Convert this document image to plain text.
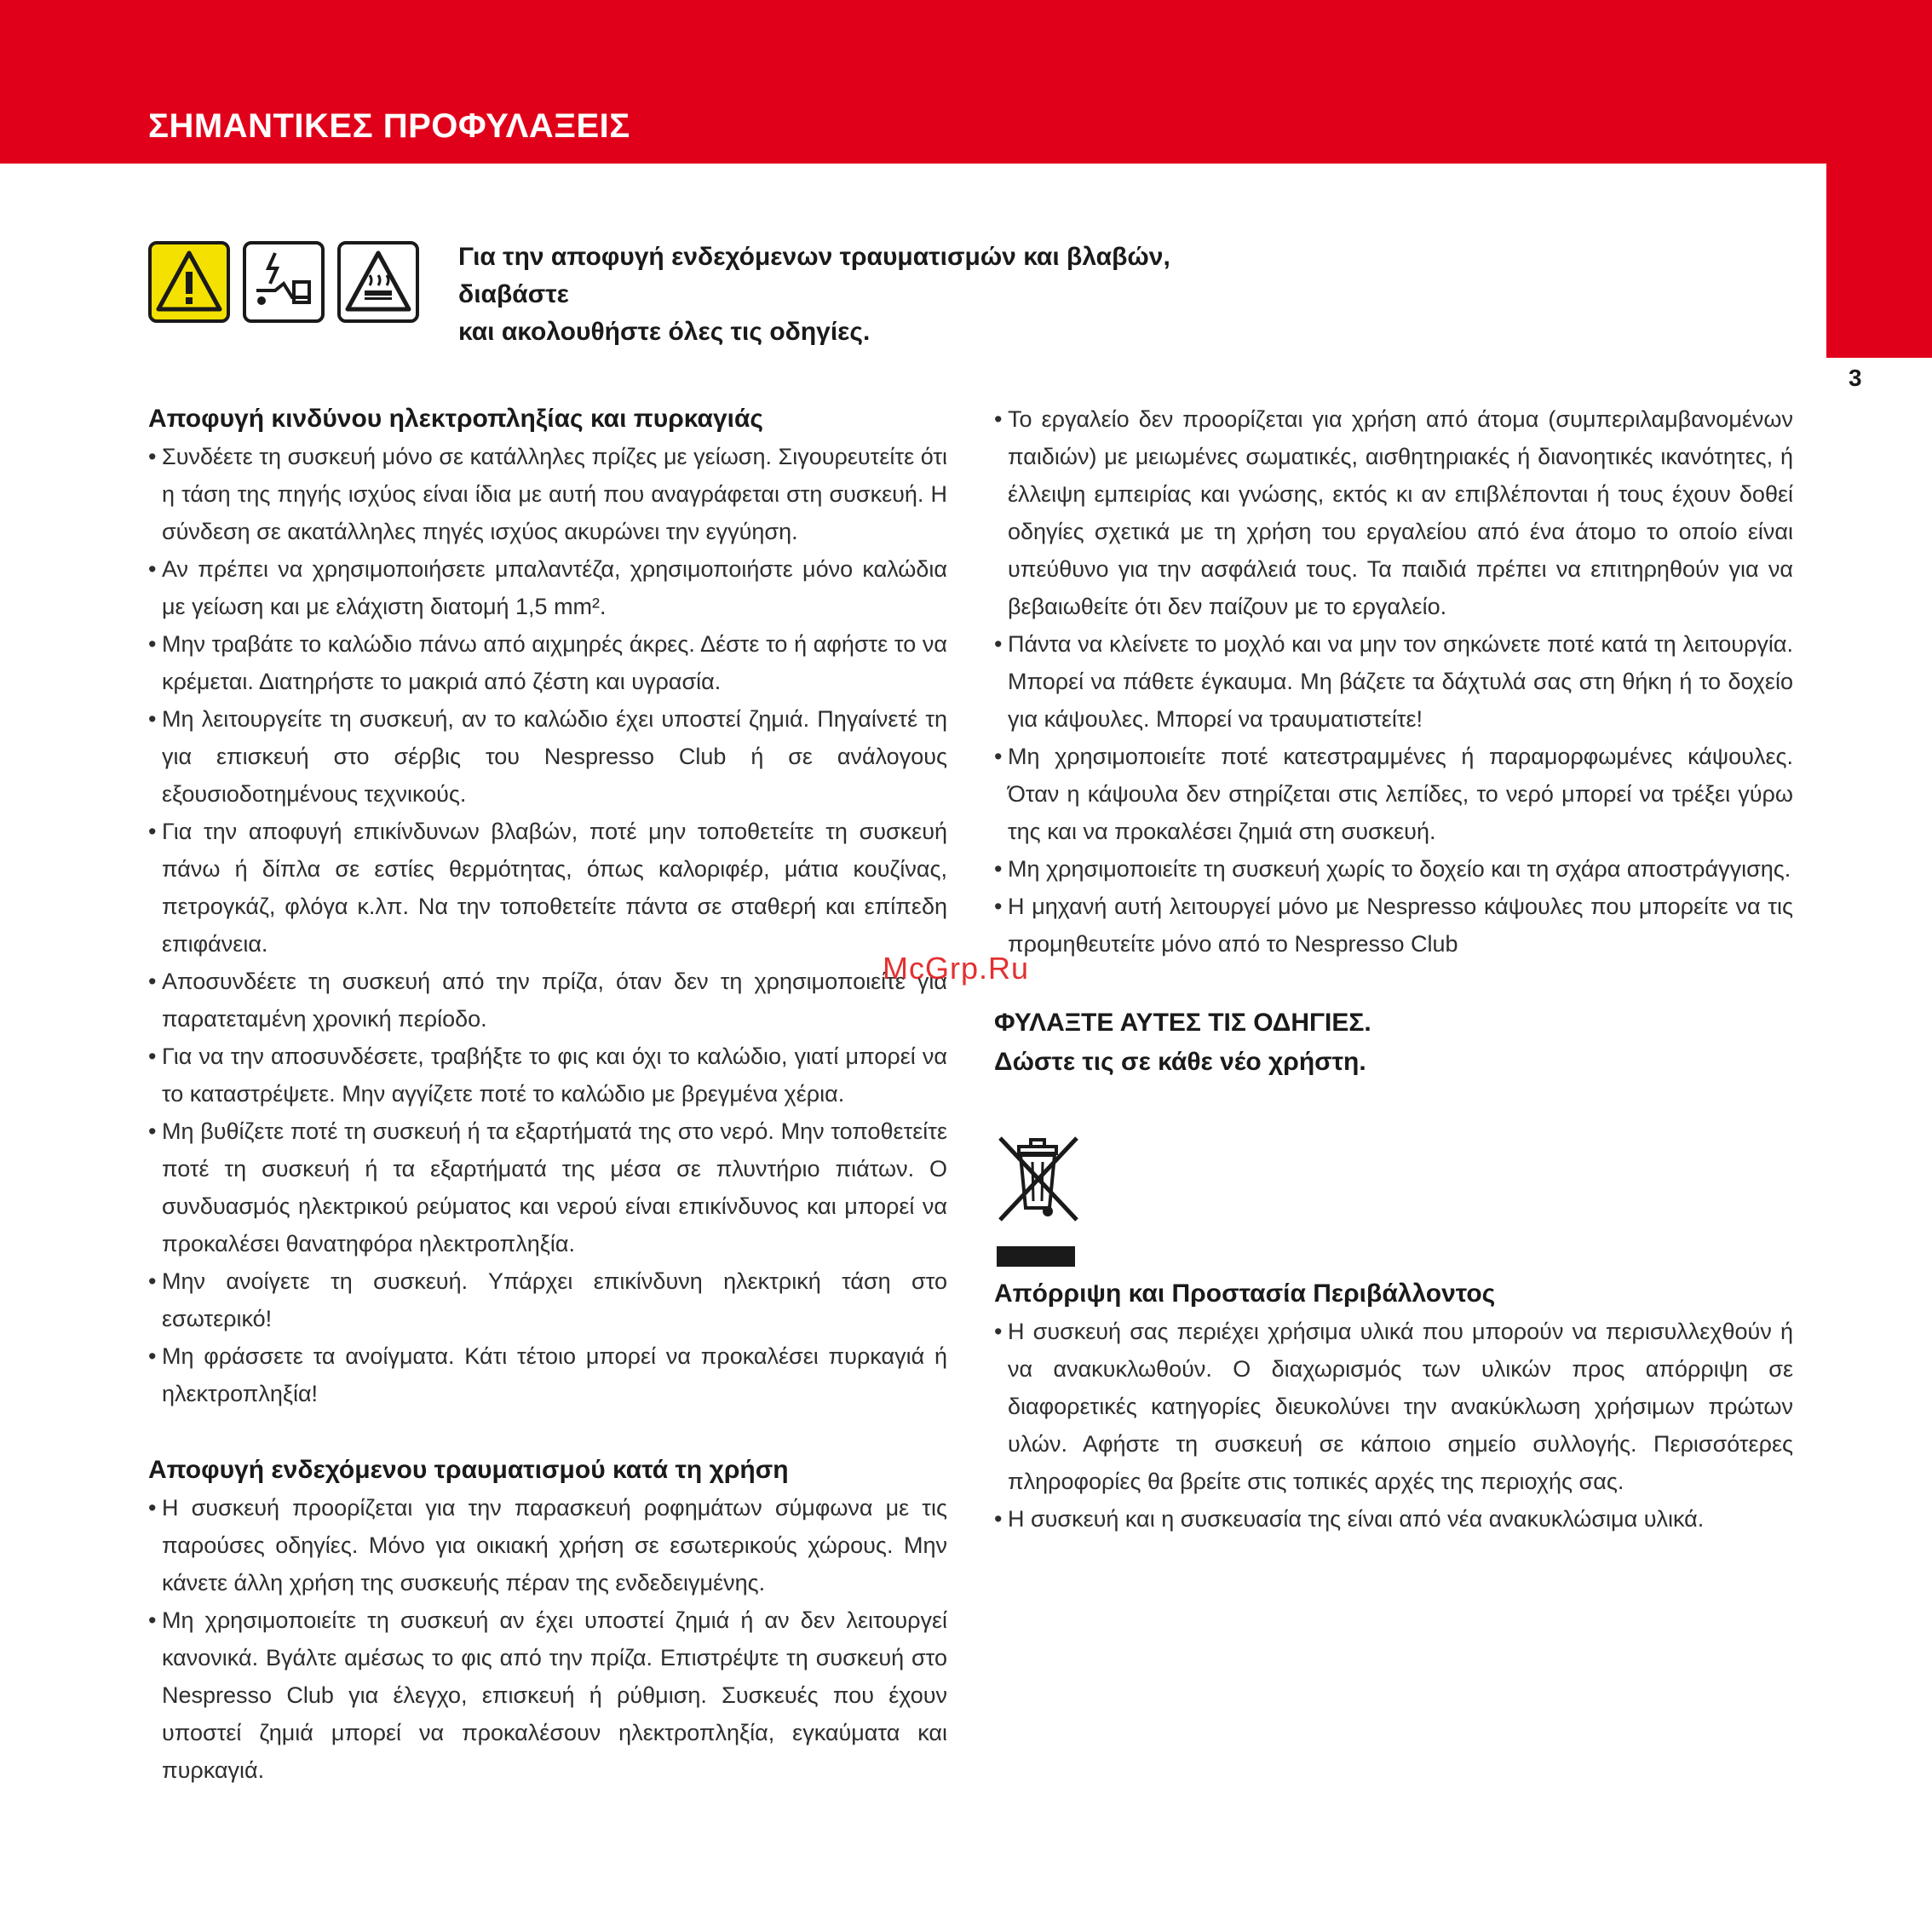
ΣΗΜΑΝΤΙΚΕΣ ΠΡΟΦΥΛΑΞΕΙΣ
3
Για την αποφυγή ενδεχόμενων τραυματισμών και βλαβών, διαβάστε
και ακολουθήστε όλες τις οδηγίες.
Αποφυγή κινδύνου ηλεκτροπληξίας και πυρκαγιάς
• Συνδέετε τη συσκευή μόνο σε κατάλληλες πρίζες με γείωση. Σιγουρευτείτε ότι η τάση της πηγής ισχύος είναι ίδια με αυτή που αναγράφεται στη συσκευή. Η σύνδεση σε ακατάλληλες πηγές ισχύος ακυρώνει την εγγύηση.
• Αν πρέπει να χρησιμοποιήσετε μπαλαντέζα, χρησιμοποιήστε μόνο καλώδια με γείωση και με ελάχιστη διατομή 1,5 mm².
• Μην τραβάτε το καλώδιο πάνω από αιχμηρές άκρες. Δέστε το ή αφήστε το να κρέμεται. Διατηρήστε το μακριά από ζέστη και υγρασία.
• Μη λειτουργείτε τη συσκευή, αν το καλώδιο έχει υποστεί ζημιά. Πηγαίνετέ τη για επισκευή στο σέρβις του Nespresso Club ή σε ανάλογους εξουσιοδοτημένους τεχνικούς.
• Για την αποφυγή επικίνδυνων βλαβών, ποτέ μην τοποθετείτε τη συσκευή πάνω ή δίπλα σε εστίες θερμότητας, όπως καλοριφέρ, μάτια κουζίνας, πετρογκάζ, φλόγα κ.λπ. Να την τοποθετείτε πάντα σε σταθερή και επίπεδη επιφάνεια.
• Αποσυνδέετε τη συσκευή από την πρίζα, όταν δεν τη χρησιμοποιείτε για παρατεταμένη χρονική περίοδο.
• Για να την αποσυνδέσετε, τραβήξτε το φις και όχι το καλώδιο, γιατί μπορεί να το καταστρέψετε. Μην αγγίζετε ποτέ το καλώδιο με βρεγμένα χέρια.
• Μη βυθίζετε ποτέ τη συσκευή ή τα εξαρτήματά της στο νερό. Μην τοποθετείτε ποτέ τη συσκευή ή τα εξαρτήματά της μέσα σε πλυντήριο πιάτων. Ο συνδυασμός ηλεκτρικού ρεύματος και νερού είναι επικίνδυνος και μπορεί να προκαλέσει θανατηφόρα ηλεκτροπληξία.
• Μην ανοίγετε τη συσκευή. Υπάρχει επικίνδυνη ηλεκτρική τάση στο εσωτερικό!
• Μη φράσσετε τα ανοίγματα. Κάτι τέτοιο μπορεί να προκαλέσει πυρκαγιά ή ηλεκτροπληξία!
Αποφυγή ενδεχόμενου τραυματισμού κατά τη χρήση
• Η συσκευή προορίζεται για την παρασκευή ροφημάτων σύμφωνα με τις παρούσες οδηγίες. Μόνο για οικιακή χρήση σε εσωτερικούς χώρους. Μην κάνετε άλλη χρήση της συσκευής πέραν της ενδεδειγμένης.
• Μη χρησιμοποιείτε τη συσκευή αν έχει υποστεί ζημιά ή αν δεν λειτουργεί κανονικά. Βγάλτε αμέσως το φις από την πρίζα. Επιστρέψτε τη συσκευή στο Nespresso Club για έλεγχο, επισκευή ή ρύθμιση. Συσκευές που έχουν υποστεί ζημιά μπορεί να προκαλέσουν ηλεκτροπληξία, εγκαύματα και πυρκαγιά.
• Το εργαλείο δεν προορίζεται για χρήση από άτομα (συμπεριλαμβανομένων παιδιών) με μειωμένες σωματικές, αισθητηριακές ή διανοητικές ικανότητες, ή έλλειψη εμπειρίας και γνώσης, εκτός κι αν επιβλέπονται ή τους έχουν δοθεί οδηγίες σχετικά με τη χρήση του εργαλείου από ένα άτομο το οποίο είναι υπεύθυνο για την ασφάλειά τους. Τα παιδιά πρέπει να επιτηρηθούν για να βεβαιωθείτε ότι δεν παίζουν με το εργαλείο.
• Πάντα να κλείνετε το μοχλό και να μην τον σηκώνετε ποτέ κατά τη λειτουργία. Μπορεί να πάθετε έγκαυμα. Μη βάζετε τα δάχτυλά σας στη θήκη ή το δοχείο για κάψουλες. Μπορεί να τραυματιστείτε!
• Μη χρησιμοποιείτε ποτέ κατεστραμμένες ή παραμορφωμένες κάψουλες. Όταν η κάψουλα δεν στηρίζεται στις λεπίδες, το νερό μπορεί να τρέξει γύρω της και να προκαλέσει ζημιά στη συσκευή.
• Μη χρησιμοποιείτε τη συσκευή χωρίς το δοχείο και τη σχάρα αποστράγγισης.
• Η μηχανή αυτή λειτουργεί μόνο με Nespresso κάψουλες που μπορείτε να τις προμηθευτείτε μόνο από το Nespresso Club
ΦΥΛΑΞΤΕ ΑΥΤΕΣ ΤΙΣ ΟΔΗΓΙΕΣ.
Δώστε τις σε κάθε νέο χρήστη.
Απόρριψη και Προστασία Περιβάλλοντος
• Η συσκευή σας περιέχει χρήσιμα υλικά που μπορούν να περισυλλεχθούν ή να ανακυκλωθούν. Ο διαχωρισμός των υλικών προς απόρριψη σε διαφορετικές κατηγορίες διευκολύνει την ανακύκλωση χρήσιμων πρώτων υλών. Αφήστε τη συσκευή σε κάποιο σημείο συλλογής. Περισσότερες πληροφορίες θα βρείτε στις τοπικές αρχές της περιοχής σας.
• Η συσκευή και η συσκευασία της είναι από νέα ανακυκλώσιμα υλικά.
McGrp.Ru
